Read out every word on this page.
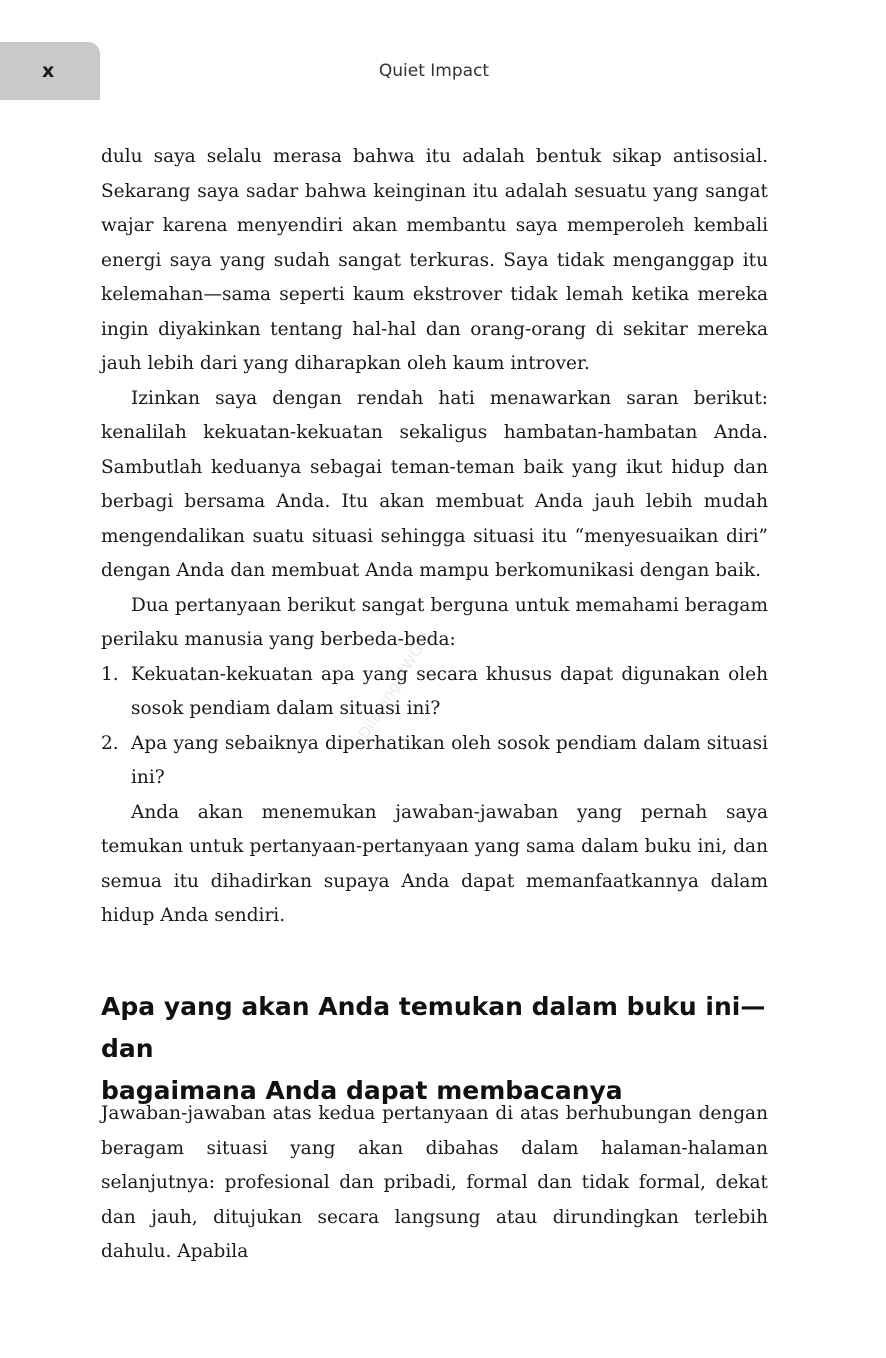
x	Quiet Impact
Dilarang MWG-2...

dulu saya selalu merasa bahwa itu adalah bentuk sikap antisosial. Sekarang saya sadar bahwa keinginan itu adalah sesuatu yang sangat wajar karena menyendiri akan membantu saya memperoleh kembali energi saya yang sudah sangat terkuras. Saya tidak menganggap itu kelemahan—sama seperti kaum ekstrover tidak lemah ketika mereka ingin diyakinkan tentang hal-hal dan orang-orang di sekitar mereka jauh lebih dari yang diharapkan oleh kaum introver.

Izinkan saya dengan rendah hati menawarkan saran berikut: kenalilah kekuatan-kekuatan sekaligus hambatan-hambatan Anda. Sambutlah keduanya sebagai teman-teman baik yang ikut hidup dan berbagi bersama Anda. Itu akan membuat Anda jauh lebih mudah mengendalikan suatu situasi sehingga situasi itu “menyesuaikan diri” dengan Anda dan membuat Anda mampu berkomunikasi dengan baik.

Dua pertanyaan berikut sangat berguna untuk memahami beragam perilaku manusia yang berbeda-beda:

1. Kekuatan-kekuatan apa yang secara khusus dapat digunakan oleh sosok pendiam dalam situasi ini?
2. Apa yang sebaiknya diperhatikan oleh sosok pendiam dalam situasi ini?

Anda akan menemukan jawaban-jawaban yang pernah saya temukan untuk pertanyaan-pertanyaan yang sama dalam buku ini, dan semua itu dihadirkan supaya Anda dapat memanfaatkannya dalam hidup Anda sendiri.

Apa yang akan Anda temukan dalam buku ini—dan
bagaimana Anda dapat membacanya

Jawaban-jawaban atas kedua pertanyaan di atas berhubungan dengan beragam situasi yang akan dibahas dalam halaman-halaman selanjutnya: profesional dan pribadi, formal dan tidak formal, dekat dan jauh, ditujukan secara langsung atau dirundingkan terlebih dahulu. Apabila
